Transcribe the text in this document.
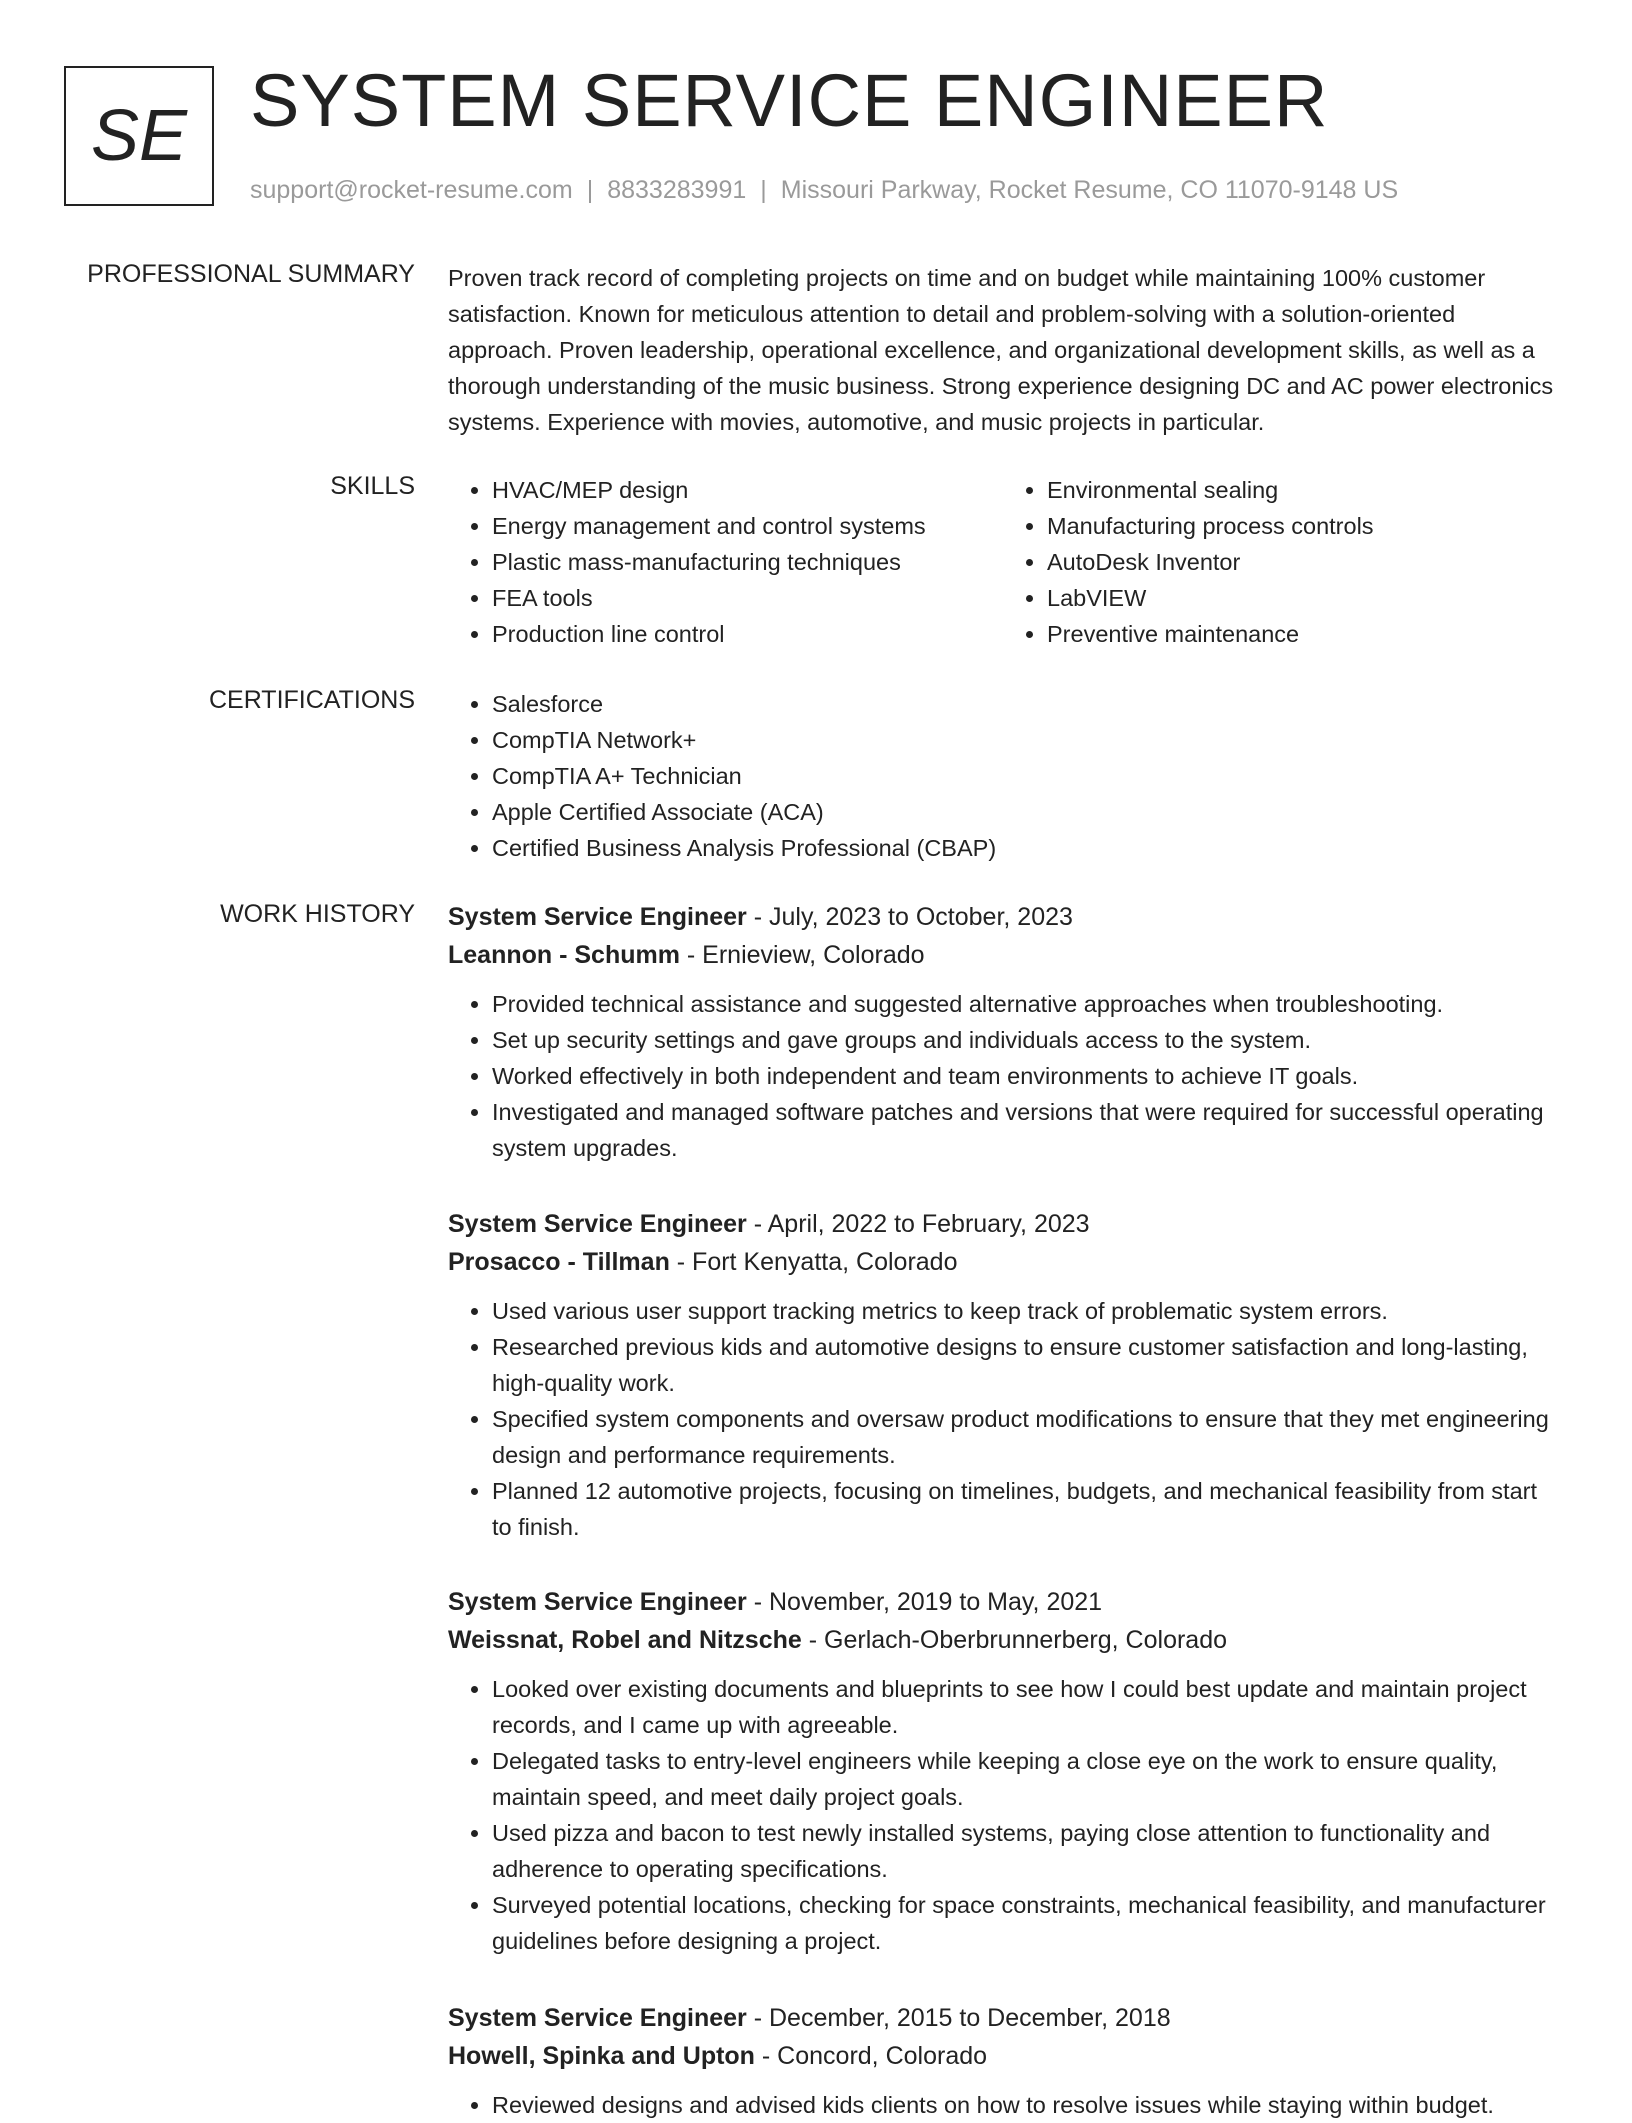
SE SYSTEM SERVICE ENGINEER
support@rocket-resume.com | 8833283991 | Missouri Parkway, Rocket Resume, CO 11070-9148 US
PROFESSIONAL SUMMARY Proven track record of completing projects on time and on budget while maintaining 100% customer satisfaction. Known for meticulous attention to detail and problem-solving with a solution-oriented approach. Proven leadership, operational excellence, and organizational development skills, as well as a thorough understanding of the music business. Strong experience designing DC and AC power electronics systems. Experience with movies, automotive, and music projects in particular.
SKILLS	• HVAC/MEP design
• Energy management and control systems
• Plastic mass-manufacturing techniques
• FEA tools
• Production line control
• Environmental sealing
• Manufacturing process controls
• AutoDesk Inventor
• LabVIEW
• Preventive maintenance
CERTIFICATIONS	• Salesforce
• CompTIA Network+
• CompTIA A+ Technician
• Apple Certified Associate (ACA)
• Certified Business Analysis Professional (CBAP)
WORK HISTORY System Service Engineer - July, 2023 to October, 2023
Leannon - Schumm - Ernieview, Colorado
• Provided technical assistance and suggested alternative approaches when troubleshooting.
• Set up security settings and gave groups and individuals access to the system.
• Worked effectively in both independent and team environments to achieve IT goals.
• Investigated and managed software patches and versions that were required for successful operating system upgrades.
System Service Engineer - April, 2022 to February, 2023
Prosacco - Tillman - Fort Kenyatta, Colorado
• Used various user support tracking metrics to keep track of problematic system errors.
• Researched previous kids and automotive designs to ensure customer satisfaction and long-lasting, high-quality work.
• Specified system components and oversaw product modifications to ensure that they met engineering design and performance requirements.
• Planned 12 automotive projects, focusing on timelines, budgets, and mechanical feasibility from start to finish.
System Service Engineer - November, 2019 to May, 2021
Weissnat, Robel and Nitzsche - Gerlach-Oberbrunnerberg, Colorado
• Looked over existing documents and blueprints to see how I could best update and maintain project records, and I came up with agreeable.
• Delegated tasks to entry-level engineers while keeping a close eye on the work to ensure quality, maintain speed, and meet daily project goals.
• Used pizza and bacon to test newly installed systems, paying close attention to functionality and adherence to operating specifications.
• Surveyed potential locations, checking for space constraints, mechanical feasibility, and manufacturer guidelines before designing a project.
System Service Engineer - December, 2015 to December, 2018
Howell, Spinka and Upton - Concord, Colorado
• Reviewed designs and advised kids clients on how to resolve issues while staying within budget.
